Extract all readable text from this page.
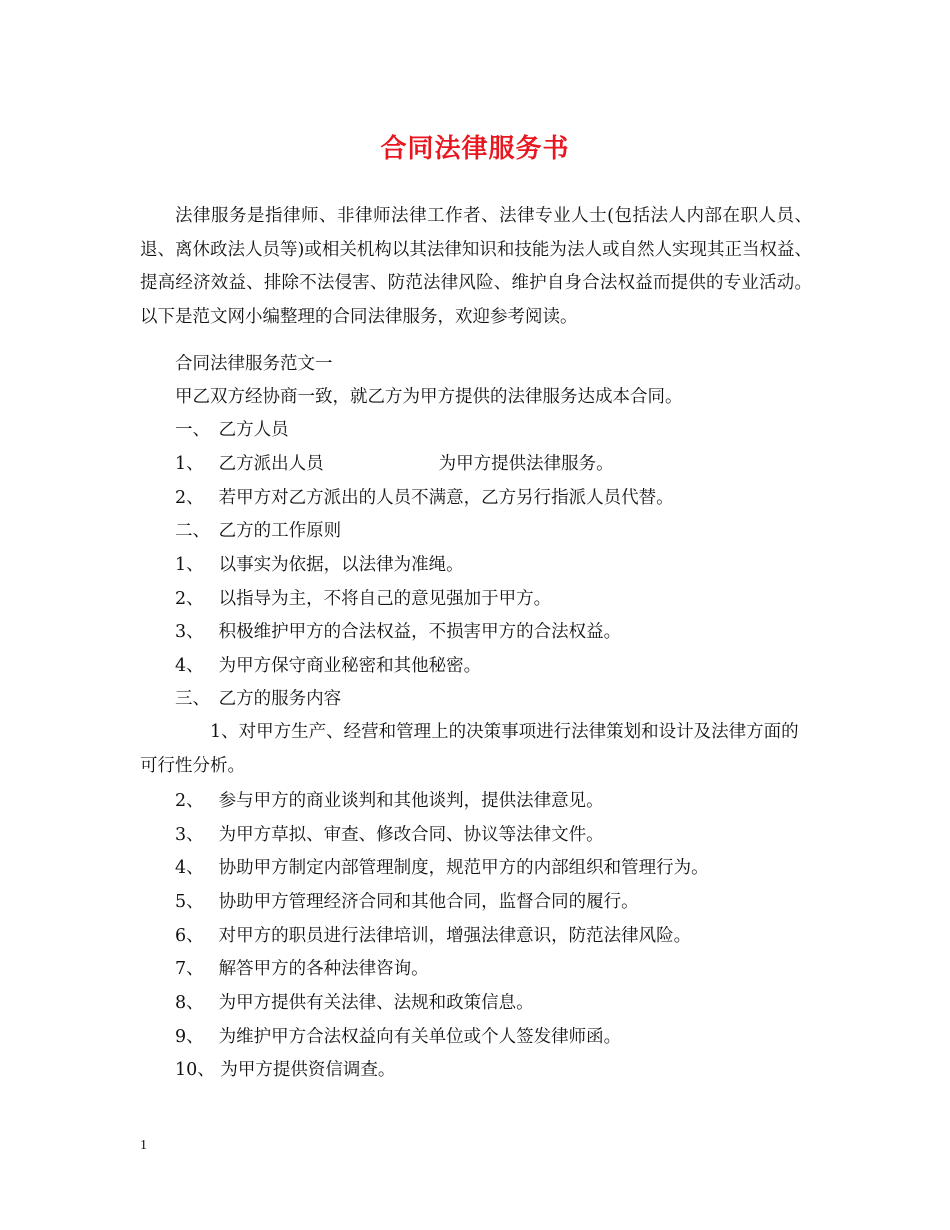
合同法律服务书

法律服务是指律师、非律师法律工作者、法律专业人士(包括法人内部在职人员、退、离休政法人员等)或相关机构以其法律知识和技能为法人或自然人实现其正当权益、提高经济效益、排除不法侵害、防范法律风险、维护自身合法权益而提供的专业活动。以下是范文网小编整理的合同法律服务，欢迎参考阅读。

合同法律服务范文一

甲乙双方经协商一致，就乙方为甲方提供的法律服务达成本合同。

一、 乙方人员

1、 乙方派出人员	为甲方提供法律服务。

2、 若甲方对乙方派出的人员不满意，乙方另行指派人员代替。

二、 乙方的工作原则

1、 以事实为依据，以法律为准绳。

2、 以指导为主，不将自己的意见强加于甲方。

3、 积极维护甲方的合法权益，不损害甲方的合法权益。

4、 为甲方保守商业秘密和其他秘密。

三、 乙方的服务内容

1、对甲方生产、经营和管理上的决策事项进行法律策划和设计及法律方面的可行性分析。

2、 参与甲方的商业谈判和其他谈判，提供法律意见。

3、 为甲方草拟、审查、修改合同、协议等法律文件。

4、 协助甲方制定内部管理制度，规范甲方的内部组织和管理行为。

5、 协助甲方管理经济合同和其他合同，监督合同的履行。

6、 对甲方的职员进行法律培训，增强法律意识，防范法律风险。

7、 解答甲方的各种法律咨询。

8、 为甲方提供有关法律、法规和政策信息。

9、 为维护甲方合法权益向有关单位或个人签发律师函。

10、 为甲方提供资信调查。

1
